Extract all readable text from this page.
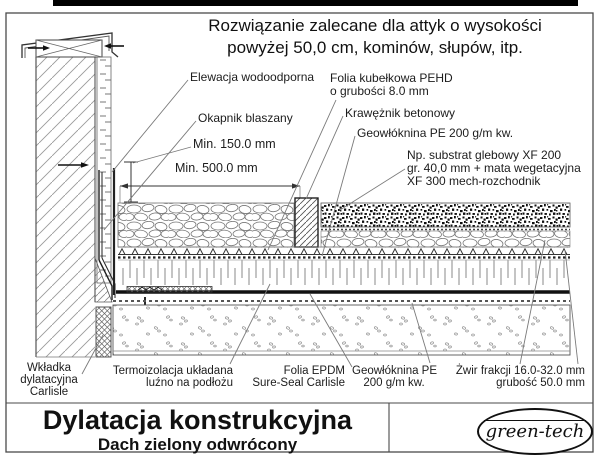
Rozwiązanie zalecane dla attyk o wysokości
powyżej 50,0 cm, kominów, słupów, itp.
Elewacja wodoodporna
Okapnik blaszany
Min. 150.0 mm
Min. 500.0 mm
Folia kubełkowa PEHD
o grubości 8.0 mm
Krawężnik betonowy
Geowłóknina PE 200 g/m kw.
Np. substrat glebowy XF 200
gr. 40,0 mm + mata wegetacyjna
XF 300 mech-rozchodnik
Wkładka
dylatacyjna
Carlisle
Termoizolacja układana
luźno na podłożu
Folia EPDM
Sure-Seal Carlisle
Geowłóknina PE
200 g/m kw.
Żwir frakcji 16.0-32.0 mm
grubość 50.0 mm
Dylatacja konstrukcyjna
Dach zielony odwrócony
green-tech
